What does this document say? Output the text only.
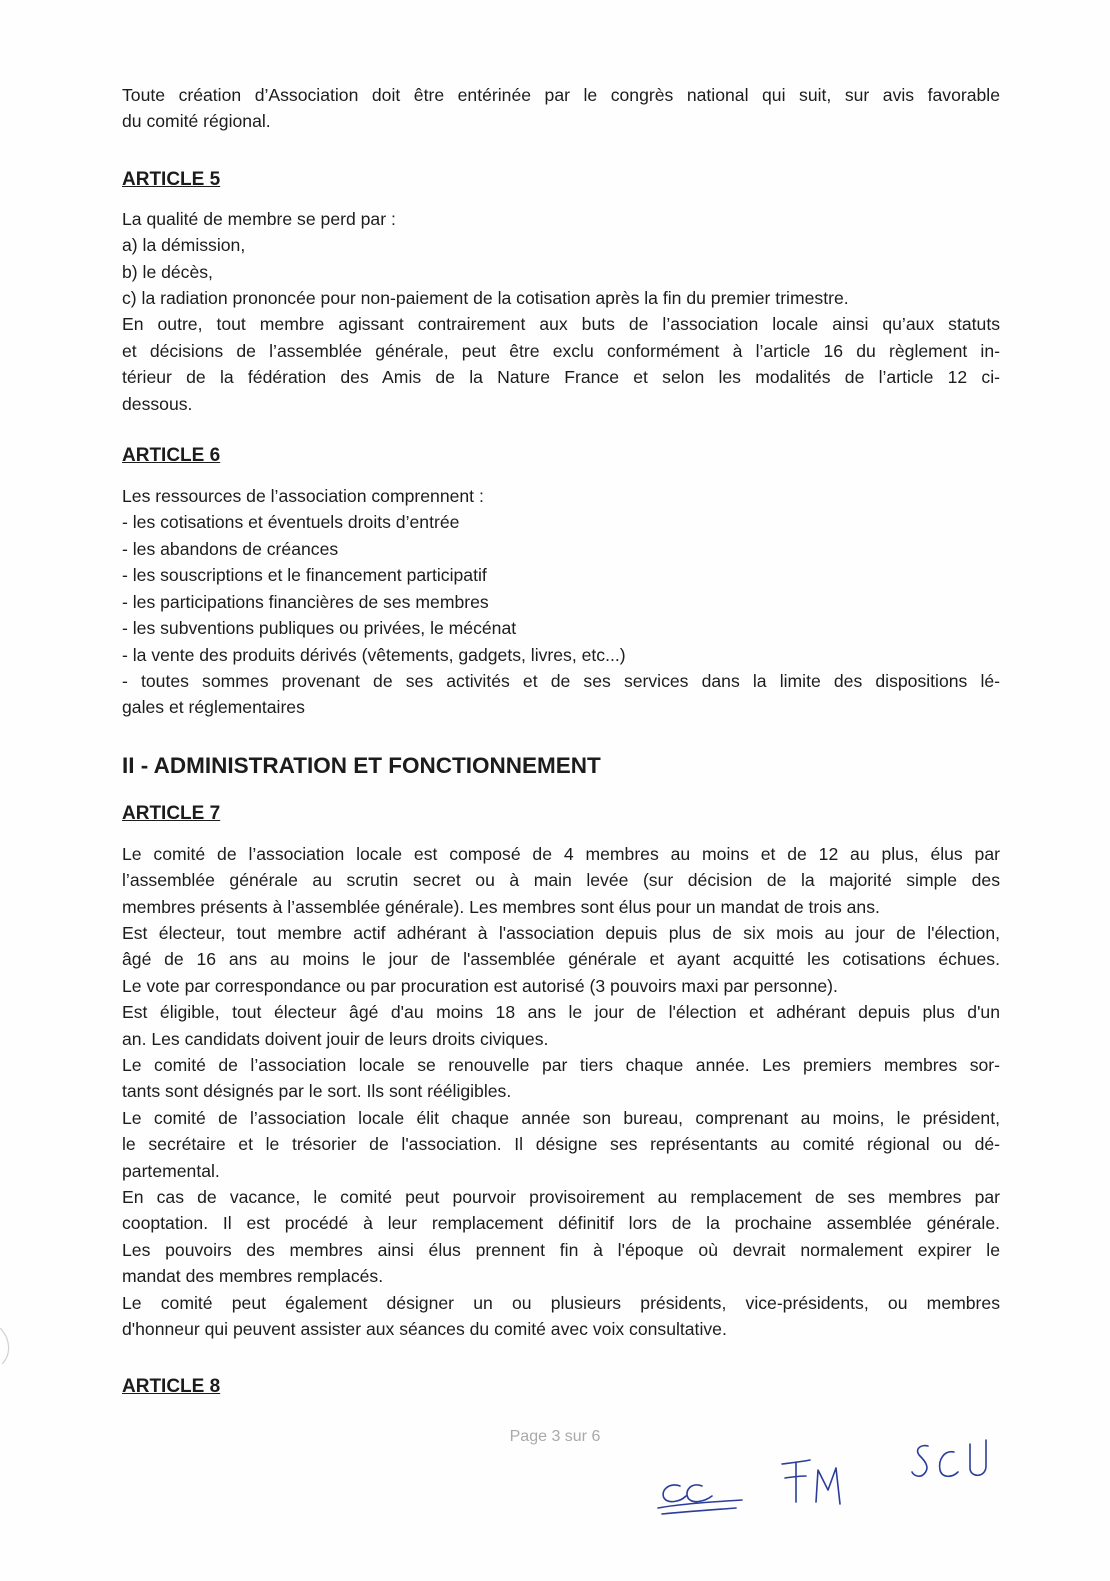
Toute création d’Association doit être entérinée par le congrès national qui suit, sur avis favorable
du comité régional.

ARTICLE 5

La qualité de membre se perd par :
a) la démission,
b) le décès,
c) la radiation prononcée pour non-paiement de la cotisation après la fin du premier trimestre.
En outre, tout membre agissant contrairement aux buts de l’association locale ainsi qu’aux statuts
et décisions de l’assemblée générale, peut être exclu conformément à l’article 16 du règlement in-
térieur de la fédération des Amis de la Nature France et selon les modalités de l’article 12 ci-
dessous.

ARTICLE 6

Les ressources de l’association comprennent :
- les cotisations et éventuels droits d’entrée
- les abandons de créances
- les souscriptions et le financement participatif
- les participations financières de ses membres
- les subventions publiques ou privées, le mécénat
- la vente des produits dérivés (vêtements, gadgets, livres, etc...)
- toutes sommes provenant de ses activités et de ses services dans la limite des dispositions lé-
gales et réglementaires

II - ADMINISTRATION ET FONCTIONNEMENT
ARTICLE 7

Le comité de l’association locale est composé de 4 membres au moins et de 12 au plus, élus par
l’assemblée générale au scrutin secret ou à main levée (sur décision de la majorité simple des
membres présents à l’assemblée générale). Les membres sont élus pour un mandat de trois ans.
Est électeur, tout membre actif adhérant à l'association depuis plus de six mois au jour de l'élection,
âgé de 16 ans au moins le jour de l'assemblée générale et ayant acquitté les cotisations échues.
Le vote par correspondance ou par procuration est autorisé (3 pouvoirs maxi par personne).
Est éligible, tout électeur âgé d'au moins 18 ans le jour de l'élection et adhérant depuis plus d'un
an. Les candidats doivent jouir de leurs droits civiques.
Le comité de l’association locale se renouvelle par tiers chaque année. Les premiers membres sor-
tants sont désignés par le sort. Ils sont rééligibles.
Le comité de l’association locale élit chaque année son bureau, comprenant au moins, le président,
le secrétaire et le trésorier de l'association. Il désigne ses représentants au comité régional ou dé-
partemental.
En cas de vacance, le comité peut pourvoir provisoirement au remplacement de ses membres par
cooptation. Il est procédé à leur remplacement définitif lors de la prochaine assemblée générale.
Les pouvoirs des membres ainsi élus prennent fin à l'époque où devrait normalement expirer le
mandat des membres remplacés.
Le comité peut également désigner un ou plusieurs présidents, vice-présidents, ou membres
d'honneur qui peuvent assister aux séances du comité avec voix consultative.

ARTICLE 8
Page 3 sur 6
